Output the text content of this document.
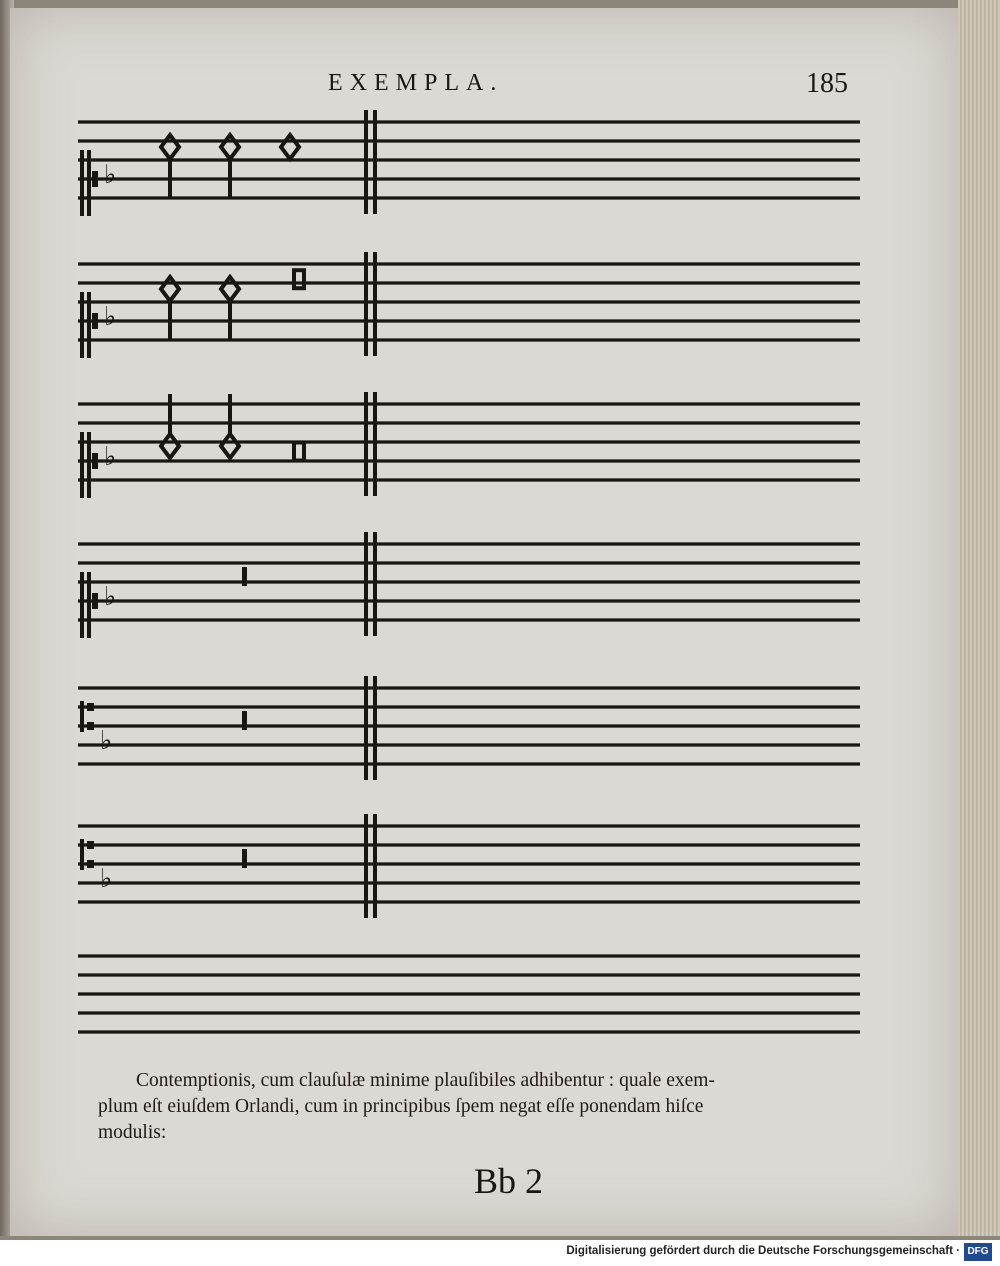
EXEMPLA.	185
♭
♭
♭
♭
♭
♭
Contemptionis, cum clauſulæ minime plauſibiles adhibentur : quale exem-
plum eſt eiuſdem Orlandi, cum in principibus ſpem negat eſſe ponendam hiſce
modulis:
Bb 2
Digitalisierung gefördert durch die Deutsche Forschungsgemeinschaft · DFG
